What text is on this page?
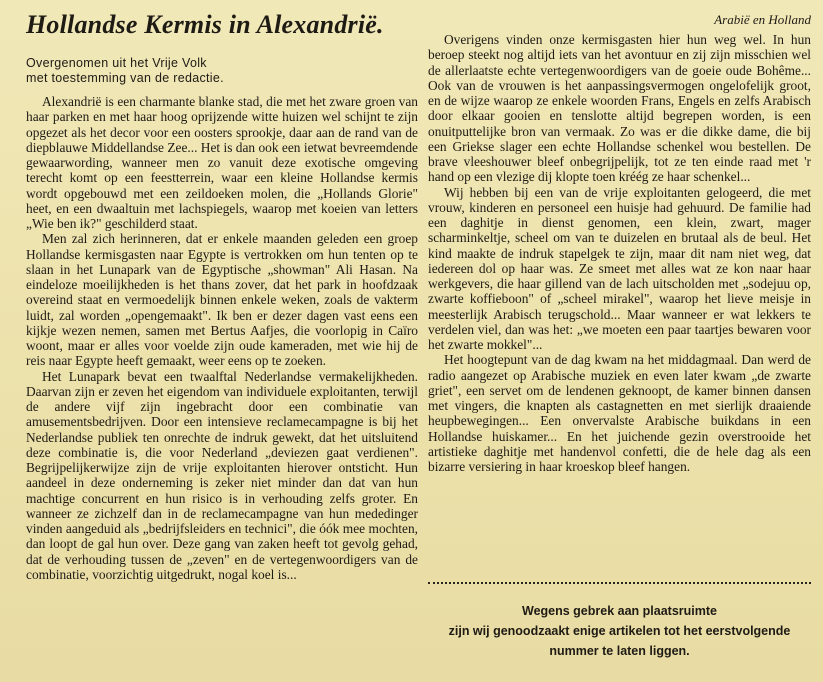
Hollandse Kermis in Alexandrië.

Overgenomen uit het Vrije Volk
met toestemming van de redactie.

Alexandrië is een charmante blanke stad, die met het zware groen van haar parken en met haar hoog oprijzende witte huizen wel schijnt te zijn opgezet als het decor voor een oosters sprookje, daar aan de rand van de diepblauwe Middellandse Zee... Het is dan ook een ietwat bevreemdende gewaarwording, wanneer men zo vanuit deze exotische omgeving terecht komt op een feestterrein, waar een kleine Hollandse kermis wordt opgebouwd met een zeildoeken molen, die „Hollands Glorie" heet, en een dwaaltuin met lachspiegels, waarop met koeien van letters „Wie ben ik?" geschilderd staat.

Men zal zich herinneren, dat er enkele maanden geleden een groep Hollandse kermisgasten naar Egypte is vertrokken om hun tenten op te slaan in het Lunapark van de Egyptische „showman" Ali Hasan. Na eindeloze moeilijkheden is het thans zover, dat het park in hoofdzaak overeind staat en vermoedelijk binnen enkele weken, zoals de vakterm luidt, zal worden „opengemaakt". Ik ben er dezer dagen vast eens een kijkje wezen nemen, samen met Bertus Aafjes, die voorlopig in Caïro woont, maar er alles voor voelde zijn oude kameraden, met wie hij de reis naar Egypte heeft gemaakt, weer eens op te zoeken.

Het Lunapark bevat een twaalftal Nederlandse vermakelijkheden. Daarvan zijn er zeven het eigendom van individuele exploitanten, terwijl de andere vijf zijn ingebracht door een combinatie van amusementsbedrijven. Door een intensieve reclamecampagne is bij het Nederlandse publiek ten onrechte de indruk gewekt, dat het uitsluitend deze combinatie is, die voor Nederland „deviezen gaat verdienen". Begrijpelijkerwijze zijn de vrije exploitanten hierover ontsticht. Hun aandeel in deze onderneming is zeker niet minder dan dat van hun machtige concurrent en hun risico is in verhouding zelfs groter. En wanneer ze zichzelf dan in de reclamecampagne van hun mededinger vinden aangeduid als „bedrijfsleiders en technici", die óók mee mochten, dan loopt de gal hun over. Deze gang van zaken heeft tot gevolg gehad, dat de verhouding tussen de „zeven" en de vertegenwoordigers van de combinatie, voorzichtig uitgedrukt, nogal koel is...

Arabië en Holland

Overigens vinden onze kermisgasten hier hun weg wel. In hun beroep steekt nog altijd iets van het avontuur en zij zijn misschien wel de allerlaatste echte vertegenwoordigers van de goeie oude Bohême... Ook van de vrouwen is het aanpassingsvermogen ongelofelijk groot, en de wijze waarop ze enkele woorden Frans, Engels en zelfs Arabisch door elkaar gooien en tenslotte altijd begrepen worden, is een onuitputtelijke bron van vermaak. Zo was er die dikke dame, die bij een Griekse slager een echte Hollandse schenkel wou bestellen. De brave vleeshouwer bleef onbegrijpelijk, tot ze ten einde raad met 'r hand op een vlezige dij klopte toen kréég ze haar schenkel...

Wij hebben bij een van de vrije exploitanten gelogeerd, die met vrouw, kinderen en personeel een huisje had gehuurd. De familie had een daghitje in dienst genomen, een klein, zwart, mager scharminkeltje, scheel om van te duizelen en brutaal als de beul. Het kind maakte de indruk stapelgek te zijn, maar dit nam niet weg, dat iedereen dol op haar was. Ze smeet met alles wat ze kon naar haar werkgevers, die haar gillend van de lach uitscholden met „sodejuu op, zwarte koffieboon" of „scheel mirakel", waarop het lieve meisje in meesterlijk Arabisch terugschold... Maar wanneer er wat lekkers te verdelen viel, dan was het: „we moeten een paar taartjes bewaren voor het zwarte mokkel"...

Het hoogtepunt van de dag kwam na het middagmaal. Dan werd de radio aangezet op Arabische muziek en even later kwam „de zwarte griet", een servet om de lendenen geknoopt, de kamer binnen dansen met vingers, die knapten als castagnetten en met sierlijk draaiende heupbewegingen... Een onvervalste Arabische buikdans in een Hollandse huiskamer... En het juichende gezin overstrooide het artistieke daghitje met handenvol confetti, die de hele dag als een bizarre versiering in haar kroeskop bleef hangen.

Wegens gebrek aan plaatsruimte
zijn wij genoodzaakt enige artikelen tot het eerstvolgende nummer te laten liggen.
